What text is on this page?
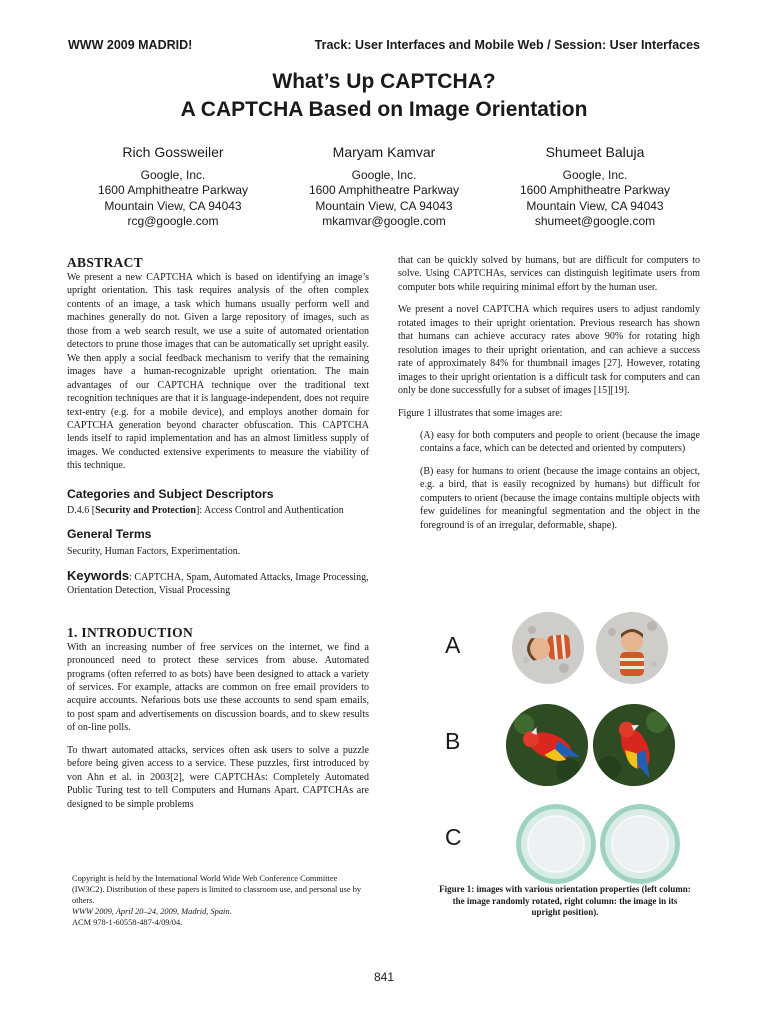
WWW 2009 MADRID!	Track: User Interfaces and Mobile Web / Session: User Interfaces
What’s Up CAPTCHA?
A CAPTCHA Based on Image Orientation
Rich Gossweiler
Google, Inc.
1600 Amphitheatre Parkway
Mountain View, CA 94043
rcg@google.com
Maryam Kamvar
Google, Inc.
1600 Amphitheatre Parkway
Mountain View, CA 94043
mkamvar@google.com
Shumeet Baluja
Google, Inc.
1600 Amphitheatre Parkway
Mountain View, CA 94043
shumeet@google.com
ABSTRACT

We present a new CAPTCHA which is based on identifying an image’s upright orientation. This task requires analysis of the often complex contents of an image, a task which humans usually perform well and machines generally do not. Given a large repository of images, such as those from a web search result, we use a suite of automated orientation detectors to prune those images that can be automatically set upright easily. We then apply a social feedback mechanism to verify that the remaining images have a human-recognizable upright orientation. The main advantages of our CAPTCHA technique over the traditional text recognition techniques are that it is language-independent, does not require text-entry (e.g. for a mobile device), and employs another domain for CAPTCHA generation beyond character obfuscation. This CAPTCHA lends itself to rapid implementation and has an almost limitless supply of images. We conducted extensive experiments to measure the viability of this technique.

Categories and Subject Descriptors

D.4.6 [Security and Protection]: Access Control and Authentication

General Terms

Security, Human Factors, Experimentation.

Keywords: CAPTCHA, Spam, Automated Attacks, Image Processing, Orientation Detection, Visual Processing

1. INTRODUCTION

With an increasing number of free services on the internet, we find a pronounced need to protect these services from abuse. Automated programs (often referred to as bots) have been designed to attack a variety of services. For example, attacks are common on free email providers to acquire accounts. Nefarious bots use these accounts to send spam emails, to post spam and advertisements on discussion boards, and to skew results of on-line polls.

To thwart automated attacks, services often ask users to solve a puzzle before being given access to a service. These puzzles, first introduced by von Ahn et al. in 2003[2], were CAPTCHAs: Completely Automated Public Turing test to tell Computers and Humans Apart. CAPTCHAs are designed to be simple problems

Copyright is held by the International World Wide Web Conference Committee (IW3C2). Distribution of these papers is limited to classroom use, and personal use by others.

WWW 2009, April 20–24, 2009, Madrid, Spain.

ACM 978-1-60558-487-4/09/04.

that can be quickly solved by humans, but are difficult for computers to solve. Using CAPTCHAs, services can distinguish legitimate users from computer bots while requiring minimal effort by the human user.

We present a novel CAPTCHA which requires users to adjust randomly rotated images to their upright orientation. Previous research has shown that humans can achieve accuracy rates above 90% for rotating high resolution images to their upright orientation, and can achieve a success rate of approximately 84% for thumbnail images [27]. However, rotating images to their upright orientation is a difficult task for computers and can only be done successfully for a subset of images [15][19].

Figure 1 illustrates that some images are:

(A) easy for both computers and people to orient (because the image contains a face, which can be detected and oriented by computers)

(B) easy for humans to orient (because the image contains an object, e.g. a bird, that is easily recognized by humans) but difficult for computers to orient (because the image contains multiple objects with few guidelines for meaningful segmentation and the object in the foreground is of an irregular, deformable, shape).

A
B
C
Figure 1: images with various orientation properties (left column: the image randomly rotated, right column: the image in its upright position).
841
